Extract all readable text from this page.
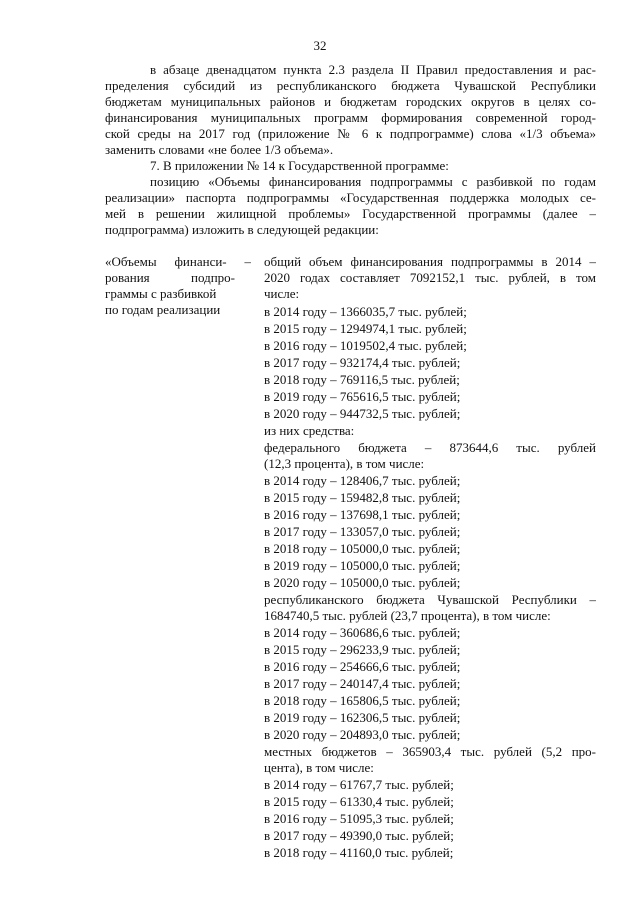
32
в абзаце двенадцатом пункта 2.3 раздела II Правил предоставления и рас-
пределения субсидий из республиканского бюджета Чувашской Республики
бюджетам муниципальных районов и бюджетам городских округов в целях со-
финансирования муниципальных программ формирования современной город-
ской среды на 2017 год (приложение № 6 к подпрограмме) слова «1/3 объема»
заменить словами «не более 1/3 объема».
7. В приложении № 14 к Государственной программе:
позицию «Объемы финансирования подпрограммы с разбивкой по годам
реализации» паспорта подпрограммы «Государственная поддержка молодых се-
мей в решении жилищной проблемы» Государственной программы (далее –
подпрограмма) изложить в следующей редакции:
«Объемы финанси- –
рования подпро-
граммы с разбивкой
по годам реализации
общий объем финансирования подпрограммы в 2014 –
2020 годах составляет 7092152,1 тыс. рублей, в том
числе:
в 2014 году – 1366035,7 тыс. рублей;
в 2015 году – 1294974,1 тыс. рублей;
в 2016 году – 1019502,4 тыс. рублей;
в 2017 году – 932174,4 тыс. рублей;
в 2018 году – 769116,5 тыс. рублей;
в 2019 году – 765616,5 тыс. рублей;
в 2020 году – 944732,5 тыс. рублей;
из них средства:
федерального бюджета – 873644,6 тыс. рублей
(12,3 процента), в том числе:
в 2014 году – 128406,7 тыс. рублей;
в 2015 году – 159482,8 тыс. рублей;
в 2016 году – 137698,1 тыс. рублей;
в 2017 году – 133057,0 тыс. рублей;
в 2018 году – 105000,0 тыс. рублей;
в 2019 году – 105000,0 тыс. рублей;
в 2020 году – 105000,0 тыс. рублей;
республиканского бюджета Чувашской Республики –
1684740,5 тыс. рублей (23,7 процента), в том числе:
в 2014 году – 360686,6 тыс. рублей;
в 2015 году – 296233,9 тыс. рублей;
в 2016 году – 254666,6 тыс. рублей;
в 2017 году – 240147,4 тыс. рублей;
в 2018 году – 165806,5 тыс. рублей;
в 2019 году – 162306,5 тыс. рублей;
в 2020 году – 204893,0 тыс. рублей;
местных бюджетов – 365903,4 тыс. рублей (5,2 про-
цента), в том числе:
в 2014 году – 61767,7 тыс. рублей;
в 2015 году – 61330,4 тыс. рублей;
в 2016 году – 51095,3 тыс. рублей;
в 2017 году – 49390,0 тыс. рублей;
в 2018 году – 41160,0 тыс. рублей;
